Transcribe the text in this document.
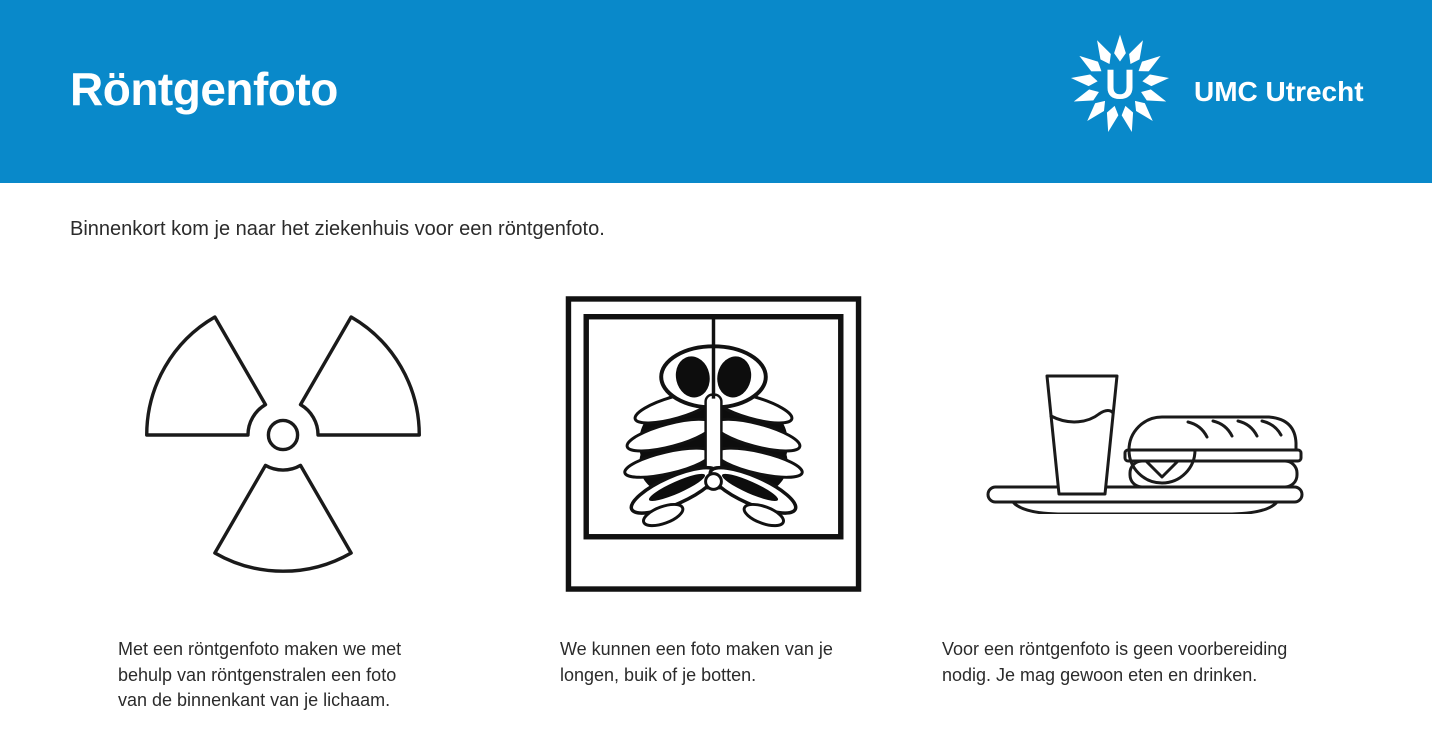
Röntgenfoto	U UMC Utrecht

Binnenkort kom je naar het ziekenhuis voor een röntgenfoto.

Met een röntgenfoto maken we met
behulp van röntgenstralen een foto
van de binnenkant van je lichaam.
We kunnen een foto maken van je
longen, buik of je botten.
Voor een röntgenfoto is geen voorbereiding
nodig. Je mag gewoon eten en drinken.
